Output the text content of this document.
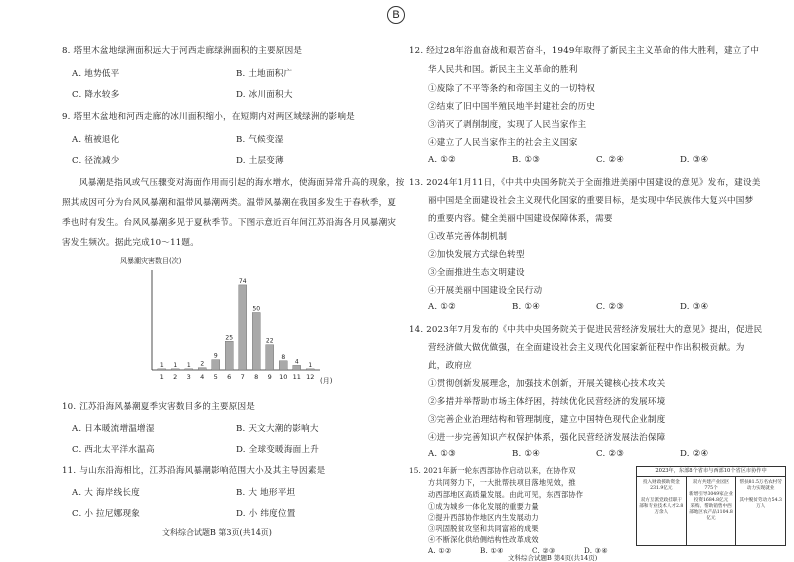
B
8. 塔里木盆地绿洲面积远大于河西走廊绿洲面积的主要原因是
A. 地势低平	B. 土地面积广
C. 降水较多	D. 冰川面积大
9. 塔里木盆地和河西走廊的冰川面积缩小，在短期内对两区域绿洲的影响是
A. 植被退化	B. 气候变湿
C. 径流减少	D. 土层变薄
风暴潮是指风或气压骤变对海面作用而引起的海水增水，使海面异常升高的现象，按
照其成因可分为台风风暴潮和温带风暴潮两类。温带风暴潮在我国多发生于春秋季，夏
季也时有发生。台风风暴潮多见于夏秋季节。下图示意近百年间江苏沿海各月风暴潮灾
害发生频次。据此完成10～11题。
风暴潮灾害数目(次)
1 1 1 2
9
25
74
50
22
8
4 1
1 2 3 4 5 6 7 8 9 10 11 12 (月)
10. 江苏沿海风暴潮夏季灾害数目多的主要原因是
A. 日本暖流增温增湿	B. 天文大潮的影响大
C. 西北太平洋水温高	D. 全球变暖海面上升
11. 与山东沿海相比，江苏沿海风暴潮影响范围大小及其主导因素是
A. 大 海岸线长度	B. 大 地形平坦
C. 小 拉尼娜现象	D. 小 纬度位置
文科综合试题B 第3页(共14页)
12. 经过28年浴血奋战和艰苦奋斗，1949年取得了新民主主义革命的伟大胜利，建立了中
华人民共和国。新民主主义革命的胜利
①废除了不平等条约和帝国主义的一切特权
②结束了旧中国半殖民地半封建社会的历史
③消灭了剥削制度，实现了人民当家作主
④建立了人民当家作主的社会主义国家
A. ①②	B. ①③	C. ②④	D. ③④
13. 2024年1月11日，《中共中央国务院关于全面推进美丽中国建设的意见》发布，建设美
丽中国是全面建设社会主义现代化国家的重要目标，是实现中华民族伟大复兴中国梦
的重要内容。健全美丽中国建设保障体系，需要
①改革完善体制机制
②加快发展方式绿色转型
③全面推进生态文明建设
④开展美丽中国建设全民行动
A. ①②	B. ①④	C. ②③	D. ③④
14. 2023年7月发布的《中共中央国务院关于促进民营经济发展壮大的意见》提出，促进民
营经济做大做优做强，在全面建设社会主义现代化国家新征程中作出积极贡献。为
此，政府应
①贯彻创新发展理念，加强技术创新，开展关键核心技术攻关
②多措并举帮助市场主体纾困，持续优化民营经济的发展环境
③完善企业治理结构和管理制度，建立中国特色现代企业制度
④进一步完善知识产权保护体系，强化民营经济发展法治保障
A. ①③	B. ①④	C. ②③	D. ②④
15. 2021年新一轮东西部协作启动以来，在协作双
方共同努力下，一大批帮扶项目落地见效，推
动西部地区高质量发展。由此可见，东西部协作
①成为城乡一体化发展的重要力量
②提升西部协作地区内生发展动力
③巩固脱贫攻坚和共同富裕的成果
④不断深化供给侧结构性改革成效
A. ①②	B. ①④	C. ②③	D. ③④
2023年，东部8个省市与西部10个省区市协作中
投入财政援助资金231.9亿元

双方互派党政挂职干部和专业技术人才2.8万余人
双方共建产业园区775个
新增引导3049家企业投资1684.8亿元
采购、帮助销售中西部地区农产品1104.8亿元
帮扶81.5万名农村劳动力实现就业

其中脱贫劳动力54.3万人
文科综合试题B 第4页(共14页)
